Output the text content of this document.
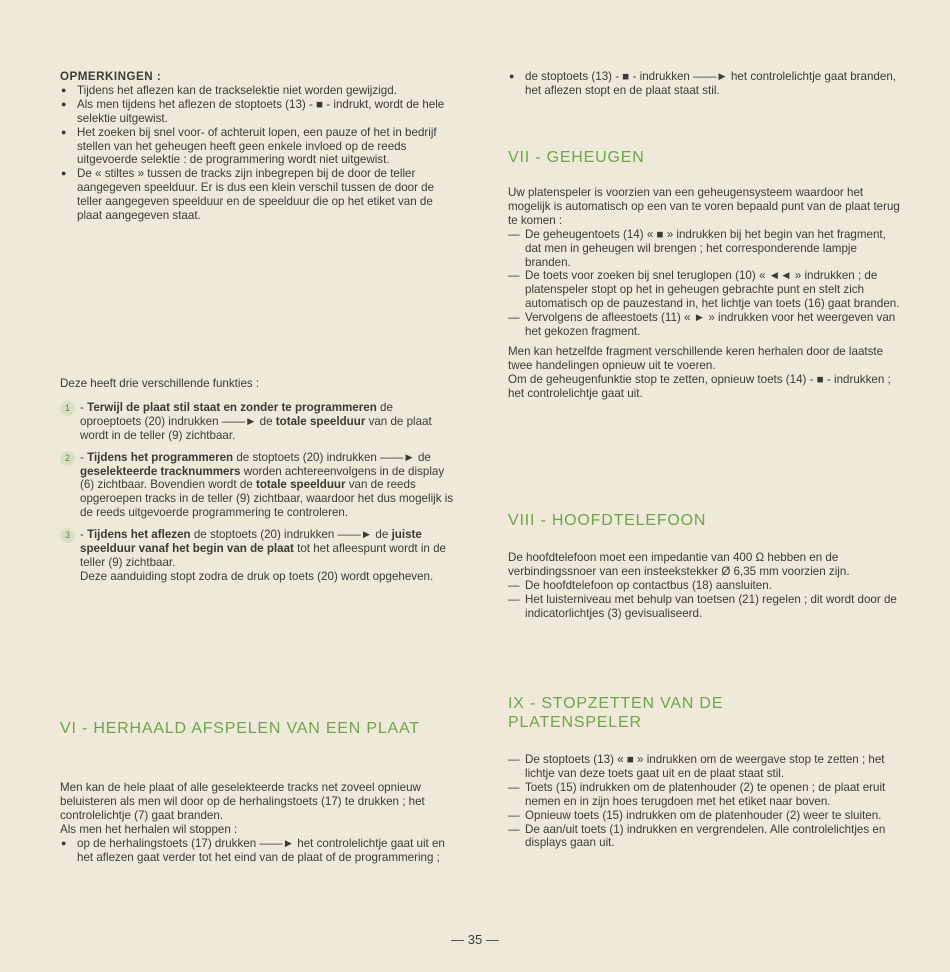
OPMERKINGEN :

● Tijdens het aflezen kan de trackselektie niet worden gewijzigd.
● Als men tijdens het aflezen de stoptoets (13) - ■ - indrukt, wordt de hele selektie uitgewist.
● Het zoeken bij snel voor- of achteruit lopen, een pauze of het in bedrijf stellen van het geheugen heeft geen enkele invloed op de reeds uitgevoerde selektie : de programmering wordt niet uitgewist.
● De « stiltes » tussen de tracks zijn inbegrepen bij de door de teller aangegeven speelduur. Er is dus een klein verschil tussen de door de teller aangegeven speelduur en de speelduur die op het etiket van de plaat aangegeven staat.

Deze heeft drie verschillende funkties :

1 - Terwijl de plaat stil staat en zonder te programmeren de oproeptoets (20) indrukken ——► de totale speelduur van de plaat wordt in de teller (9) zichtbaar.
2 - Tijdens het programmeren de stoptoets (20) indrukken ——► de geselekteerde tracknummers worden achtereenvolgens in de display (6) zichtbaar. Bovendien wordt de totale speelduur van de reeds opgeroepen tracks in de teller (9) zichtbaar, waardoor het dus mogelijk is de reeds uitgevoerde programmering te controleren.
3 - Tijdens het aflezen de stoptoets (20) indrukken ——► de juiste speelduur vanaf het begin van de plaat tot het afleespunt wordt in de teller (9) zichtbaar.
Deze aanduiding stopt zodra de druk op toets (20) wordt opgeheven.

VI - HERHAALD AFSPELEN VAN EEN PLAAT

Men kan de hele plaat of alle geselekteerde tracks net zoveel opnieuw beluisteren als men wil door op de herhalingstoets (17) te drukken ; het controlelichtje (7) gaat branden.

Als men het herhalen wil stoppen :

● op de herhalingstoets (17) drukken ——► het controlelichtje gaat uit en het aflezen gaat verder tot het eind van de plaat of de programmering ;
● de stoptoets (13) - ■ - indrukken ——► het controlelichtje gaat branden, het aflezen stopt en de plaat staat stil.

VII - GEHEUGEN

Uw platenspeler is voorzien van een geheugensysteem waardoor het mogelijk is automatisch op een van te voren bepaald punt van de plaat terug te komen :

— De geheugentoets (14) « ■ » indrukken bij het begin van het fragment, dat men in geheugen wil brengen ; het corresponderende lampje branden.
— De toets voor zoeken bij snel teruglopen (10) « ◄◄ » indrukken ; de platenspeler stopt op het in geheugen gebrachte punt en stelt zich automatisch op de pauzestand in, het lichtje van toets (16) gaat branden.
— Vervolgens de afleestoets (11) « ► » indrukken voor het weergeven van het gekozen fragment.

Men kan hetzelfde fragment verschillende keren herhalen door de laatste twee handelingen opnieuw uit te voeren.

Om de geheugenfunktie stop te zetten, opnieuw toets (14) - ■ - indrukken ; het controlelichtje gaat uit.

VIII - HOOFDTELEFOON

De hoofdtelefoon moet een impedantie van 400 Ω hebben en de verbindingssnoer van een insteekstekker Ø 6,35 mm voorzien zijn.

— De hoofdtelefoon op contactbus (18) aansluiten.
— Het luisterniveau met behulp van toetsen (21) regelen ; dit wordt door de indicatorlichtjes (3) gevisualiseerd.

IX - STOPZETTEN VAN DE PLATENSPELER

— De stoptoets (13) « ■ » indrukken om de weergave stop te zetten ; het lichtje van deze toets gaat uit en de plaat staat stil.
— Toets (15) indrukken om de platenhouder (2) te openen ; de plaat eruit nemen en in zijn hoes terugdoen met het etiket naar boven.
— Opnieuw toets (15) indrukken om de platenhouder (2) weer te sluiten.
— De aan/uit toets (1) indrukken en vergrendelen. Alle controlelichtjes en displays gaan uit.
— 35 —
